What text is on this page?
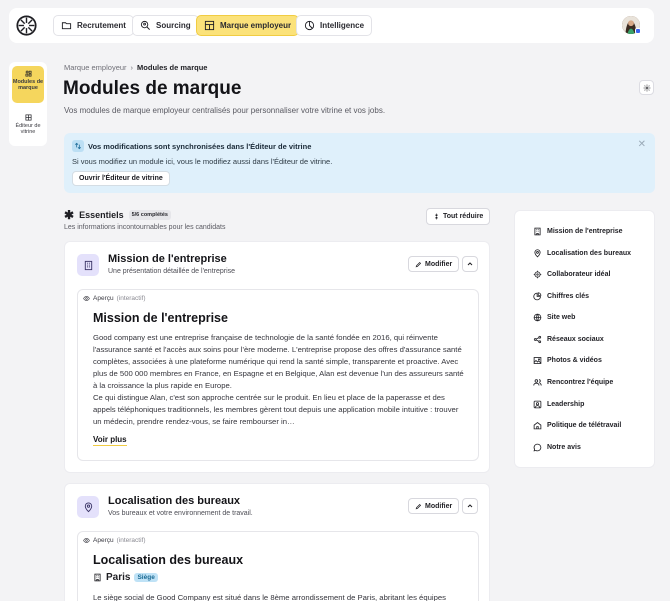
Recrutement	Sourcing	Marque employeur	Intelligence
Modules de marque
Éditeur de vitrine
Marque employeur › Modules de marque
Modules de marque
Vos modules de marque employeur centralisés pour personnaliser votre vitrine et vos jobs.
Vos modifications sont synchronisées dans l'Éditeur de vitrine
Si vous modifiez un module ici, vous le modifiez aussi dans l'Éditeur de vitrine.
Ouvrir l'Éditeur de vitrine
✕
✱ Essentiels	5/6 complétés
Les informations incontournables pour les candidats
Tout réduire
Mission de l'entreprise
Une présentation détaillée de l'entreprise
Modifier
Aperçu (interactif)
Mission de l'entreprise
Good company est une entreprise française de technologie de la santé fondée en 2016, qui réinvente l'assurance santé et l'accès aux soins pour l'ère moderne. L'entreprise propose des offres d'assurance santé complètes, associées à une plateforme numérique qui rend la santé simple, transparente et proactive. Avec plus de 500 000 membres en France, en Espagne et en Belgique, Alan est devenue l'un des assureurs santé à la croissance la plus rapide en Europe.
Ce qui distingue Alan, c'est son approche centrée sur le produit. En lieu et place de la paperasse et des appels téléphoniques traditionnels, les membres gèrent tout depuis une application mobile intuitive : trouver un médecin, prendre rendez-vous, se faire rembourser in…
Voir plus
Localisation des bureaux
Vos bureaux et votre environnement de travail.
Modifier
Aperçu (interactif)
Localisation des bureaux
Paris	Siège
Le siège social de Good Company est situé dans le 8ème arrondissement de Paris, abritant les équipes
Mission de l'entreprise
Localisation des bureaux
Collaborateur idéal
Chiffres clés
Site web
Réseaux sociaux
Photos & vidéos
Rencontrez l'équipe
Leadership
Politique de télétravail
Notre avis
